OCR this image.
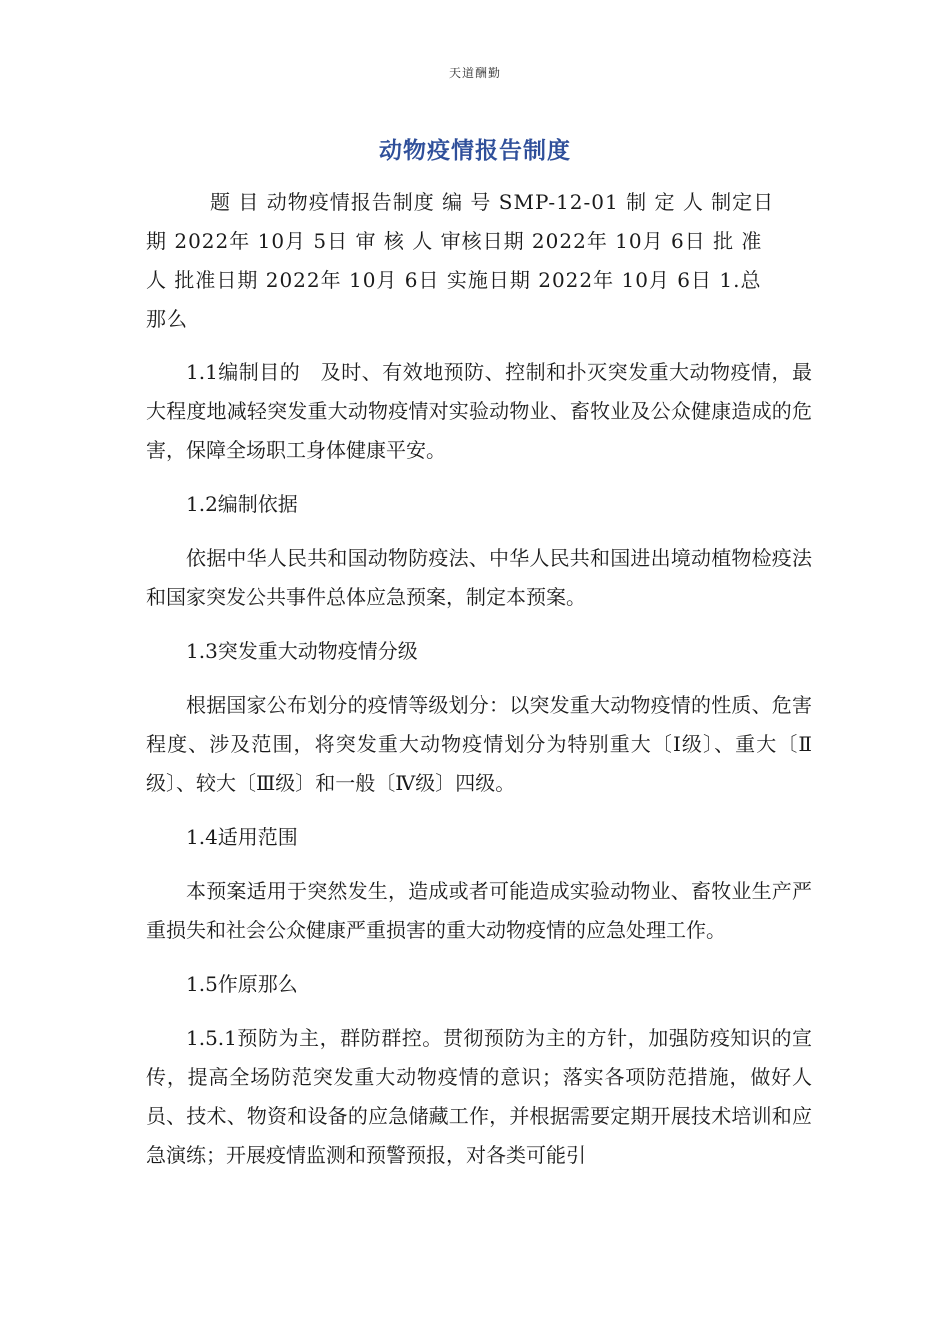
天道酬勤
动物疫情报告制度

题 目 动物疫情报告制度 编 号 SMP-12-01 制 定 人 制定日

期 2022年 10月 5日 审 核 人 审核日期 2022年 10月 6日 批 准

人 批准日期 2022年 10月 6日 实施日期 2022年 10月 6日 1.总

那么

1.1编制目的　及时、有效地预防、控制和扑灭突发重大动物疫情，最大程度地减轻突发重大动物疫情对实验动物业、畜牧业及公众健康造成的危害，保障全场职工身体健康平安。

1.2编制依据

依据中华人民共和国动物防疫法、中华人民共和国进出境动植物检疫法和国家突发公共事件总体应急预案，制定本预案。

1.3突发重大动物疫情分级

根据国家公布划分的疫情等级划分：以突发重大动物疫情的性质、危害程度、涉及范围，将突发重大动物疫情划分为特别重大〔Ⅰ级〕、重大〔Ⅱ级〕、较大〔Ⅲ级〕和一般〔Ⅳ级〕四级。

1.4适用范围

本预案适用于突然发生，造成或者可能造成实验动物业、畜牧业生产严重损失和社会公众健康严重损害的重大动物疫情的应急处理工作。

1.5作原那么

1.5.1预防为主，群防群控。贯彻预防为主的方针，加强防疫知识的宣传，提高全场防范突发重大动物疫情的意识；落实各项防范措施，做好人员、技术、物资和设备的应急储藏工作，并根据需要定期开展技术培训和应急演练；开展疫情监测和预警预报，对各类可能引
